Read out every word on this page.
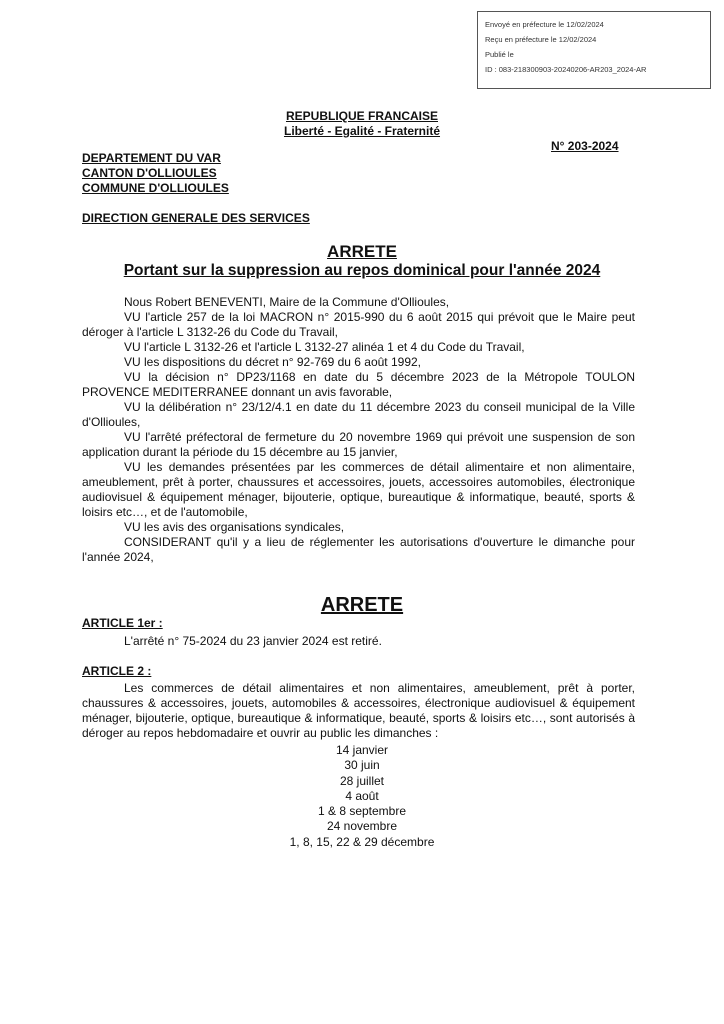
Envoyé en préfecture le 12/02/2024
Reçu en préfecture le 12/02/2024
Publié le
ID : 083-218300903-20240206-AR203_2024-AR
REPUBLIQUE FRANCAISE
Liberté - Egalité - Fraternité
N° 203-2024
DEPARTEMENT DU VAR
CANTON D'OLLIOULES
COMMUNE D'OLLIOULES
DIRECTION GENERALE DES SERVICES
ARRETE
Portant sur la suppression au repos dominical pour l'année 2024

Nous Robert BENEVENTI, Maire de la Commune d'Ollioules,

VU l'article 257 de la loi MACRON n° 2015-990 du 6 août 2015 qui prévoit que le Maire peut déroger à l'article L 3132-26 du Code du Travail,

VU l'article L 3132-26 et l'article L 3132-27 alinéa 1 et 4 du Code du Travail,

VU les dispositions du décret n° 92-769 du 6 août 1992,

VU la décision n° DP23/1168 en date du 5 décembre 2023 de la Métropole TOULON PROVENCE MEDITERRANEE donnant un avis favorable,

VU la délibération n° 23/12/4.1 en date du 11 décembre 2023 du conseil municipal de la Ville d'Ollioules,

VU l'arrêté préfectoral de fermeture du 20 novembre 1969 qui prévoit une suspension de son application durant la période du 15 décembre au 15 janvier,

VU les demandes présentées par les commerces de détail alimentaire et non alimentaire, ameublement, prêt à porter, chaussures et accessoires, jouets, accessoires automobiles, électronique audiovisuel & équipement ménager, bijouterie, optique, bureautique & informatique, beauté, sports & loisirs etc…, et de l'automobile,

VU les avis des organisations syndicales,

CONSIDERANT qu'il y a lieu de réglementer les autorisations d'ouverture le dimanche pour l'année 2024,

ARRETE
ARTICLE 1er :
L'arrêté n° 75-2024 du 23 janvier 2024 est retiré.
ARTICLE 2 :

Les commerces de détail alimentaires et non alimentaires, ameublement, prêt à porter, chaussures & accessoires, jouets, automobiles & accessoires, électronique audiovisuel & équipement ménager, bijouterie, optique, bureautique & informatique, beauté, sports & loisirs etc…, sont autorisés à déroger au repos hebdomadaire et ouvrir au public les dimanches :

14 janvier
30 juin
28 juillet
4 août
1 & 8 septembre
24 novembre
1, 8, 15, 22 & 29 décembre
